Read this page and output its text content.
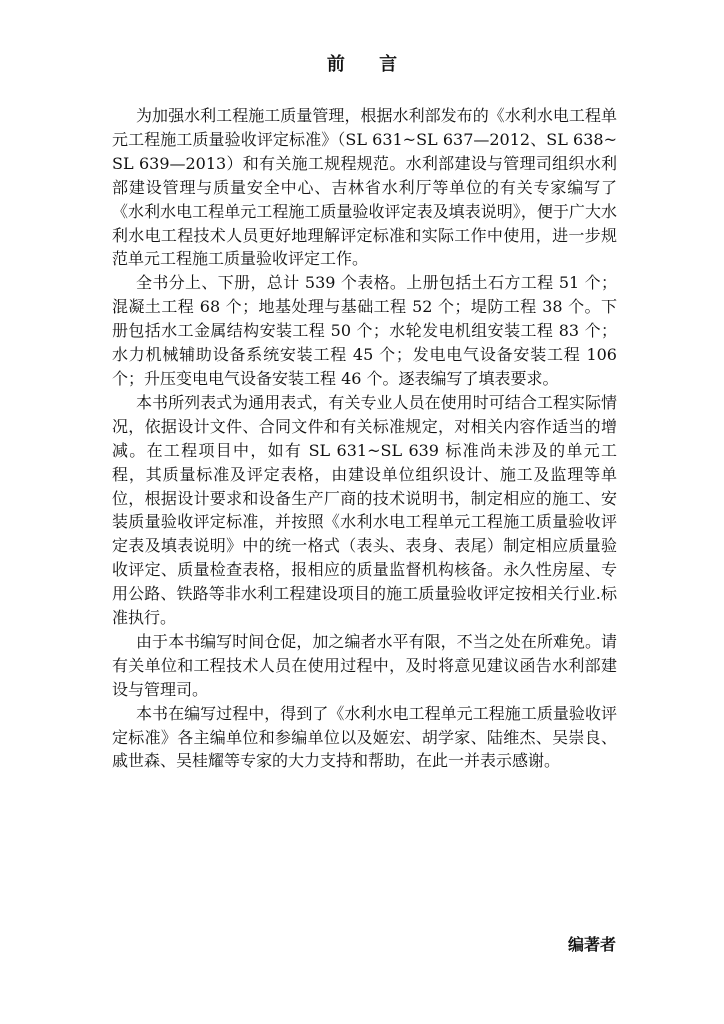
前 言

为加强水利工程施工质量管理，根据水利部发布的《水利水电工程单元工程施工质量验收评定标准》（SL 631~SL 637—2012、SL 638~SL 639—2013）和有关施工规程规范。水利部建设与管理司组织水利部建设管理与质量安全中心、吉林省水利厅等单位的有关专家编写了《水利水电工程单元工程施工质量验收评定表及填表说明》，便于广大水利水电工程技术人员更好地理解评定标准和实际工作中使用，进一步规范单元工程施工质量验收评定工作。

全书分上、下册，总计 539 个表格。上册包括土石方工程 51 个；混凝土工程 68 个；地基处理与基础工程 52 个；堤防工程 38 个。下册包括水工金属结构安装工程 50 个；水轮发电机组安装工程 83 个；水力机械辅助设备系统安装工程 45 个；发电电气设备安装工程 106 个；升压变电电气设备安装工程 46 个。逐表编写了填表要求。

本书所列表式为通用表式，有关专业人员在使用时可结合工程实际情况，依据设计文件、合同文件和有关标准规定，对相关内容作适当的增减。在工程项目中，如有 SL 631~SL 639 标准尚未涉及的单元工程，其质量标准及评定表格，由建设单位组织设计、施工及监理等单位，根据设计要求和设备生产厂商的技术说明书，制定相应的施工、安装质量验收评定标准，并按照《水利水电工程单元工程施工质量验收评定表及填表说明》中的统一格式（表头、表身、表尾）制定相应质量验收评定、质量检查表格，报相应的质量监督机构核备。永久性房屋、专用公路、铁路等非水利工程建设项目的施工质量验收评定按相关行业.标准执行。

由于本书编写时间仓促，加之编者水平有限，不当之处在所难免。请有关单位和工程技术人员在使用过程中，及时将意见建议函告水利部建设与管理司。

本书在编写过程中，得到了《水利水电工程单元工程施工质量验收评定标准》各主编单位和参编单位以及姬宏、胡学家、陆维杰、吴崇良、戚世森、吴桂耀等专家的大力支持和帮助，在此一并表示感谢。

编著者
